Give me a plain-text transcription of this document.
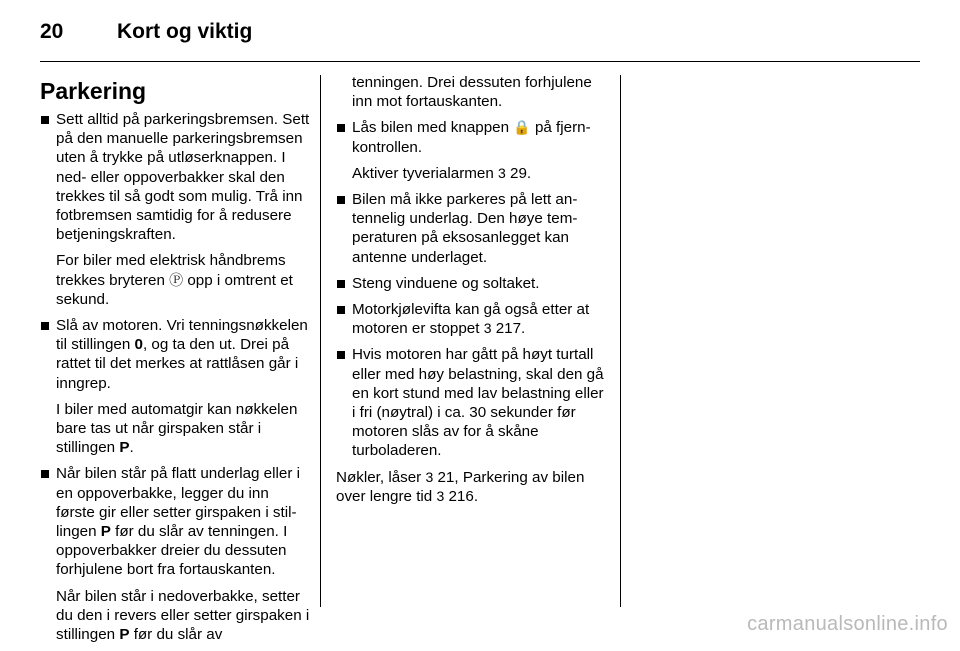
20	Kort og viktig
Parkering
Sett alltid på parkeringsbremsen. Sett på den manuelle parkeringsbremsen uten å trykke på utløserknappen. I ned- eller oppoverbakker skal den trekkes til så godt som mulig. Trå inn fotbremsen samtidig for å redusere betjeningskraften.

For biler med elektrisk håndbrems trekkes bryteren Ⓟ opp i omtrent et sekund.

Slå av motoren. Vri tenningsnøkkelen til stillingen 0, og ta den ut. Drei på rattet til det merkes at rattlåsen går i inngrep.

I biler med automatgir kan nøkkelen bare tas ut når girspaken står i stillingen P.

Når bilen står på flatt underlag eller i en oppoverbakke, legger du inn første gir eller setter girspaken i stillingen P før du slår av tenningen. I oppoverbakker dreier du dessuten forhjulene bort fra fortauskanten.

Når bilen står i nedoverbakke, setter du den i revers eller setter girspaken i stillingen P før du slår av

tenningen. Drei dessuten forhjulene inn mot fortauskanten.
Lås bilen med knappen 🔒 på fjernkontrollen.

Aktiver tyverialarmen 3 29.

Bilen må ikke parkeres på lett antennelig underlag. Den høye temperaturen på eksosanlegget kan antenne underlaget.
Steng vinduene og soltaket.
Motorkjølevifta kan gå også etter at motoren er stoppet 3 217.
Hvis motoren har gått på høyt turtall eller med høy belastning, skal den gå en kort stund med lav belastning eller i fri (nøytral) i ca. 30 sekunder før motoren slås av for å skåne turboladeren.
Nøkler, låser 3 21, Parkering av bilen over lengre tid 3 216.
carmanualsonline.info
